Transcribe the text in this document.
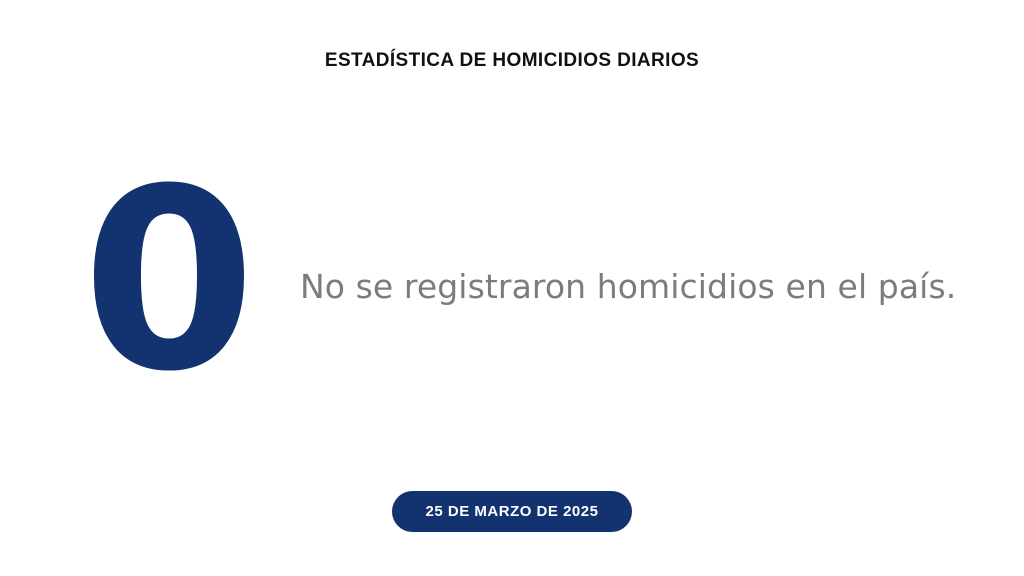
ESTADÍSTICA DE HOMICIDIOS DIARIOS
0 No se registraron homicidios en el país.
25 DE MARZO DE 2025
